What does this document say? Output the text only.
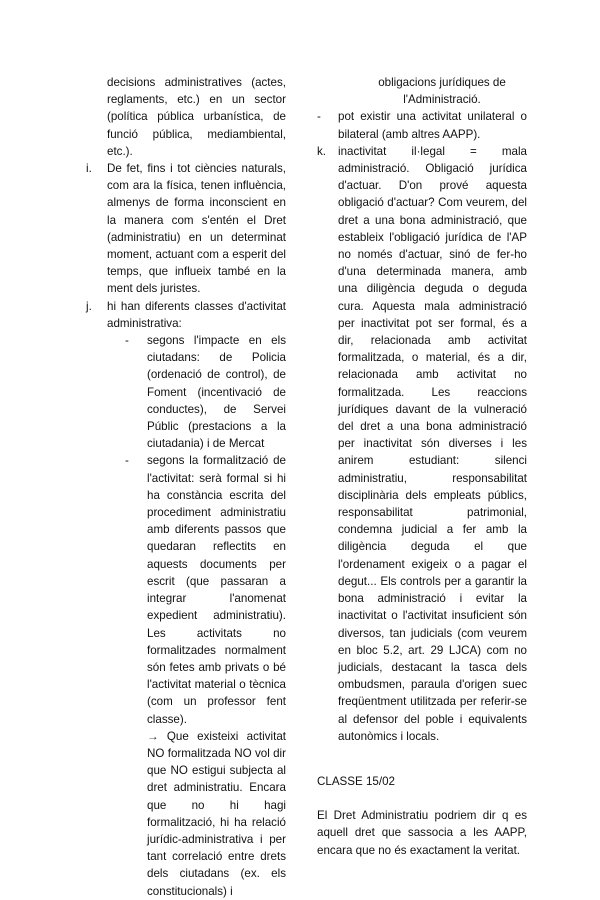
decisions administratives (actes, reglaments, etc.) en un sector (política pública urbanística, de funció pública, mediambiental, etc.).

i. De fet, fins i tot ciències naturals, com ara la física, tenen influència, almenys de forma inconscient en la manera com s'entén el Dret (administratiu) en un determinat moment, actuant com a esperit del temps, que influeix també en la ment dels juristes.

j. hi han diferents classes d'activitat administrativa:

- segons l'impacte en els ciutadans: de Policia (ordenació de control), de Foment (incentivació de conductes), de Servei Públic (prestacions a la ciutadania) i de Mercat

- segons la formalització de l'activitat: serà formal si hi ha constància escrita del procediment administratiu amb diferents passos que quedaran reflectits en aquests documents per escrit (que passaran a integrar l'anomenat expedient administratiu). Les activitats no formalitzades normalment són fetes amb privats o bé l'activitat material o tècnica (com un professor fent classe).

→ Que existeixi activitat NO formalitzada NO vol dir que NO estigui subjecta al dret administratiu. Encara que no hi hagi formalització, hi ha relació jurídic-administrativa i per tant correlació entre drets dels ciutadans (ex. els constitucionals) i

obligacions jurídiques de l'Administració.

- pot existir una activitat unilateral o bilateral (amb altres AAPP).

k. inactivitat il·legal = mala administració. Obligació jurídica d'actuar. D'on prové aquesta obligació d'actuar? Com veurem, del dret a una bona administració, que estableix l'obligació jurídica de l'AP no només d'actuar, sinó de fer-ho d'una determinada manera, amb una diligència deguda o deguda cura. Aquesta mala administració per inactivitat pot ser formal, és a dir, relacionada amb activitat formalitzada, o material, és a dir, relacionada amb activitat no formalitzada. Les reaccions jurídiques davant de la vulneració del dret a una bona administració per inactivitat són diverses i les anirem estudiant: silenci administratiu, responsabilitat disciplinària dels empleats públics, responsabilitat patrimonial, condemna judicial a fer amb la diligència deguda el que l'ordenament exigeix o a pagar el degut... Els controls per a garantir la bona administració i evitar la inactivitat o l'activitat insuficient són diversos, tan judicials (com veurem en bloc 5.2, art. 29 LJCA) com no judicials, destacant la tasca dels ombudsmen, paraula d'origen suec freqüentment utilitzada per referir-se al defensor del poble i equivalents autonòmics i locals.

CLASSE 15/02

El Dret Administratiu podriem dir q es aquell dret que sassocia a les AAPP, encara que no és exactament la veritat.
